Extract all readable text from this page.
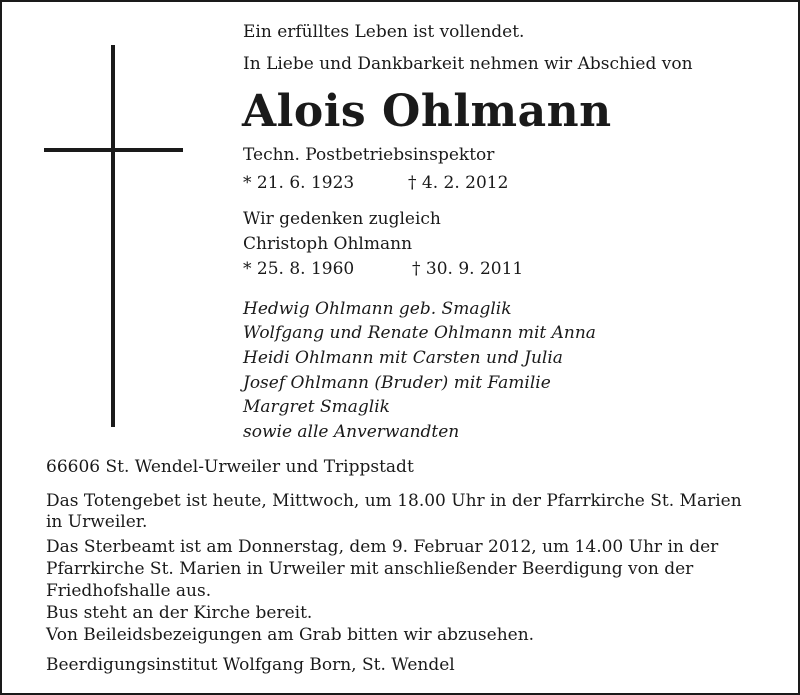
Ein erfülltes Leben ist vollendet.
In Liebe und Dankbarkeit nehmen wir Abschied von
Alois Ohlmann
Techn. Postbetriebsinspektor
* 21. 6. 1923	† 4. 2. 2012
Wir gedenken zugleich
Christoph Ohlmann
* 25. 8. 1960	† 30. 9. 2011
Hedwig Ohlmann geb. Smaglik
Wolfgang und Renate Ohlmann mit Anna
Heidi Ohlmann mit Carsten und Julia
Josef Ohlmann (Bruder) mit Familie
Margret Smaglik
sowie alle Anverwandten
66606 St. Wendel-Urweiler und Trippstadt
Das Totengebet ist heute, Mittwoch, um 18.00 Uhr in der Pfarrkirche St. Marien
in Urweiler.
Das Sterbeamt ist am Donnerstag, dem 9. Februar 2012, um 14.00 Uhr in der
Pfarrkirche St. Marien in Urweiler mit anschließender Beerdigung von der
Friedhofshalle aus.
Bus steht an der Kirche bereit.
Von Beileidsbezeigungen am Grab bitten wir abzusehen.
Beerdigungsinstitut Wolfgang Born, St. Wendel
